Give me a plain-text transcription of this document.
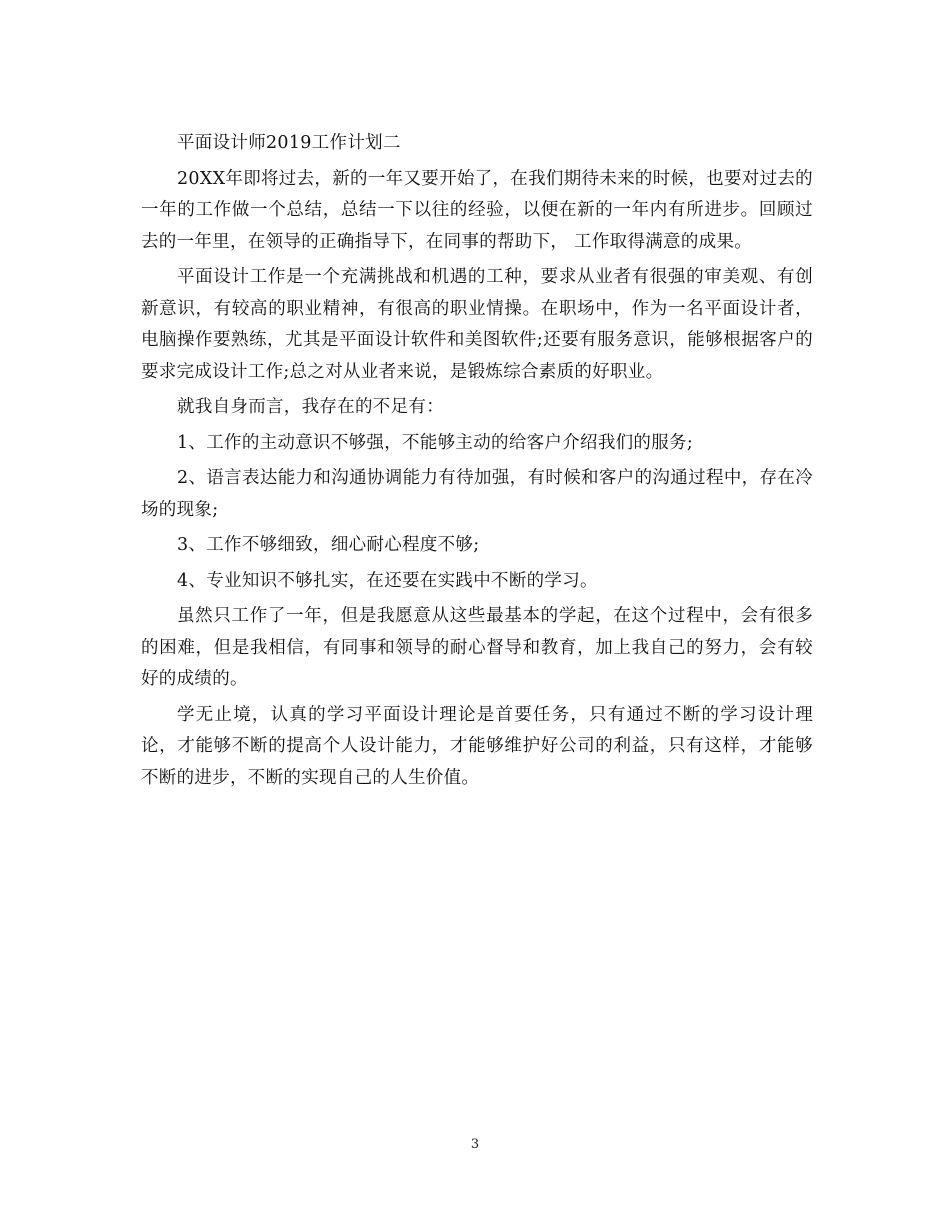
平面设计师2019工作计划二

20XX年即将过去，新的一年又要开始了，在我们期待未来的时候，也要对过去的一年的工作做一个总结，总结一下以往的经验，以便在新的一年内有所进步。回顾过去的一年里，在领导的正确指导下，在同事的帮助下， 工作取得满意的成果。

平面设计工作是一个充满挑战和机遇的工种，要求从业者有很强的审美观、有创新意识，有较高的职业精神，有很高的职业情操。在职场中，作为一名平面设计者，电脑操作要熟练，尤其是平面设计软件和美图软件;还要有服务意识，能够根据客户的要求完成设计工作;总之对从业者来说，是锻炼综合素质的好职业。

就我自身而言，我存在的不足有：

1、工作的主动意识不够强，不能够主动的给客户介绍我们的服务;

2、语言表达能力和沟通协调能力有待加强，有时候和客户的沟通过程中，存在冷场的现象;

3、工作不够细致，细心耐心程度不够;

4、专业知识不够扎实，在还要在实践中不断的学习。

虽然只工作了一年，但是我愿意从这些最基本的学起，在这个过程中，会有很多的困难，但是我相信，有同事和领导的耐心督导和教育，加上我自己的努力，会有较好的成绩的。

学无止境，认真的学习平面设计理论是首要任务，只有通过不断的学习设计理论，才能够不断的提高个人设计能力，才能够维护好公司的利益，只有这样，才能够不断的进步，不断的实现自己的人生价值。

3
